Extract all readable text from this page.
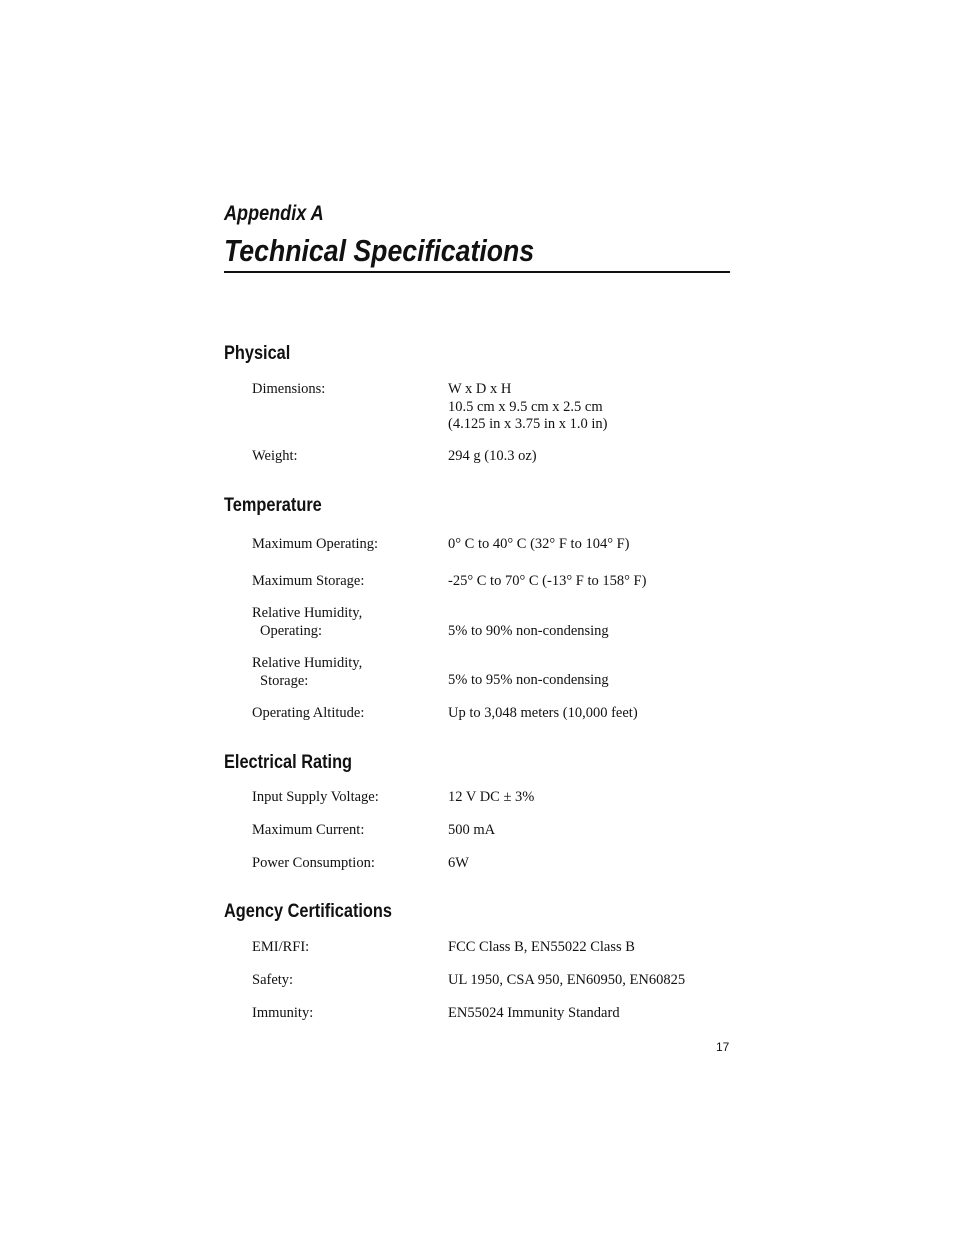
Appendix A
Technical Specifications
Physical
Dimensions:	W x D x H
10.5 cm x 9.5 cm x 2.5 cm
(4.125 in x 3.75 in x 1.0 in)
Weight:	294 g (10.3 oz)
Temperature
Maximum Operating:	0° C to 40° C (32° F to 104° F)
Maximum Storage:	-25° C to 70° C (-13° F to 158° F)
Relative Humidity,
Operating:	5% to 90% non-condensing
Relative Humidity,
Storage:	5% to 95% non-condensing
Operating Altitude:	Up to 3,048 meters (10,000 feet)
Electrical Rating
Input Supply Voltage:	12 V DC ± 3%
Maximum Current:	500 mA
Power Consumption:	6W
Agency Certifications
EMI/RFI:	FCC Class B, EN55022 Class B
Safety:	UL 1950, CSA 950, EN60950, EN60825
Immunity:	EN55024 Immunity Standard
17
